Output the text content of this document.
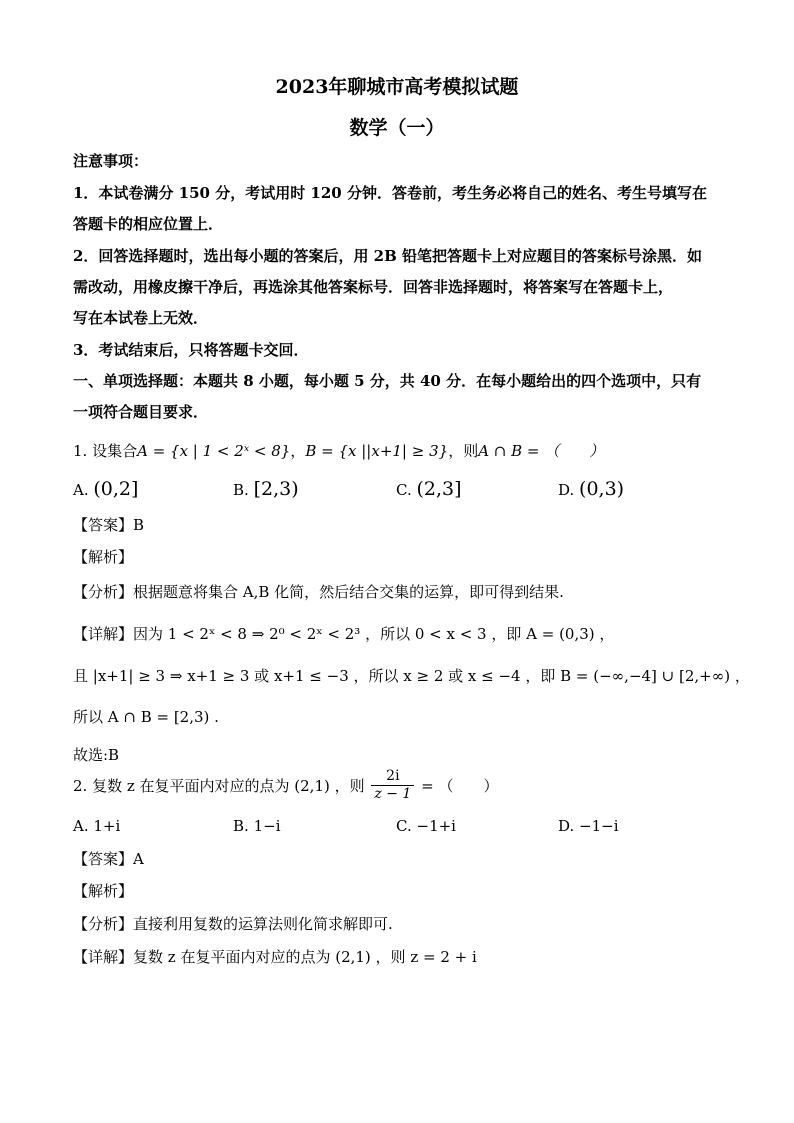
2023年聊城市高考模拟试题
数学（一）
注意事项：
1．本试卷满分 150 分，考试用时 120 分钟．答卷前，考生务必将自己的姓名、考生号填写在
答题卡的相应位置上．
2．回答选择题时，选出每小题的答案后，用 2B 铅笔把答题卡上对应题目的答案标号涂黑．如
需改动，用橡皮擦干净后，再选涂其他答案标号．回答非选择题时，将答案写在答题卡上，
写在本试卷上无效．
3．考试结束后，只将答题卡交回．
一、单项选择题：本题共 8 小题，每小题 5 分，共 40 分．在每小题给出的四个选项中，只有
一项符合题目要求．
1. 设集合A = {x | 1 < 2ˣ < 8}，B = {x ||x+1| ≥ 3}，则A ∩ B = （　　）
A. (0,2]	B. [2,3)	C. (2,3]	D. (0,3)
【答案】B
【解析】
【分析】根据题意将集合 A,B 化简，然后结合交集的运算，即可得到结果.
【详解】因为 1 < 2ˣ < 8 ⇒ 2⁰ < 2ˣ < 2³ ，所以 0 < x < 3 ，即 A = (0,3) ，
且 |x+1| ≥ 3 ⇒ x+1 ≥ 3 或 x+1 ≤ −3 ，所以 x ≥ 2 或 x ≤ −4 ，即 B = (−∞,−4] ∪ [2,+∞) ，
所以 A ∩ B = [2,3) .
故选:B
2. 复数 z 在复平面内对应的点为 (2,1) ，则 $\frac{2i}{z - 1}$ = （　　）
A. 1+i	B. 1−i	C. −1+i	D. −1−i
【答案】A
【解析】
【分析】直接利用复数的运算法则化简求解即可.
【详解】复数 z 在复平面内对应的点为 (2,1) ，则 z = 2 + i
